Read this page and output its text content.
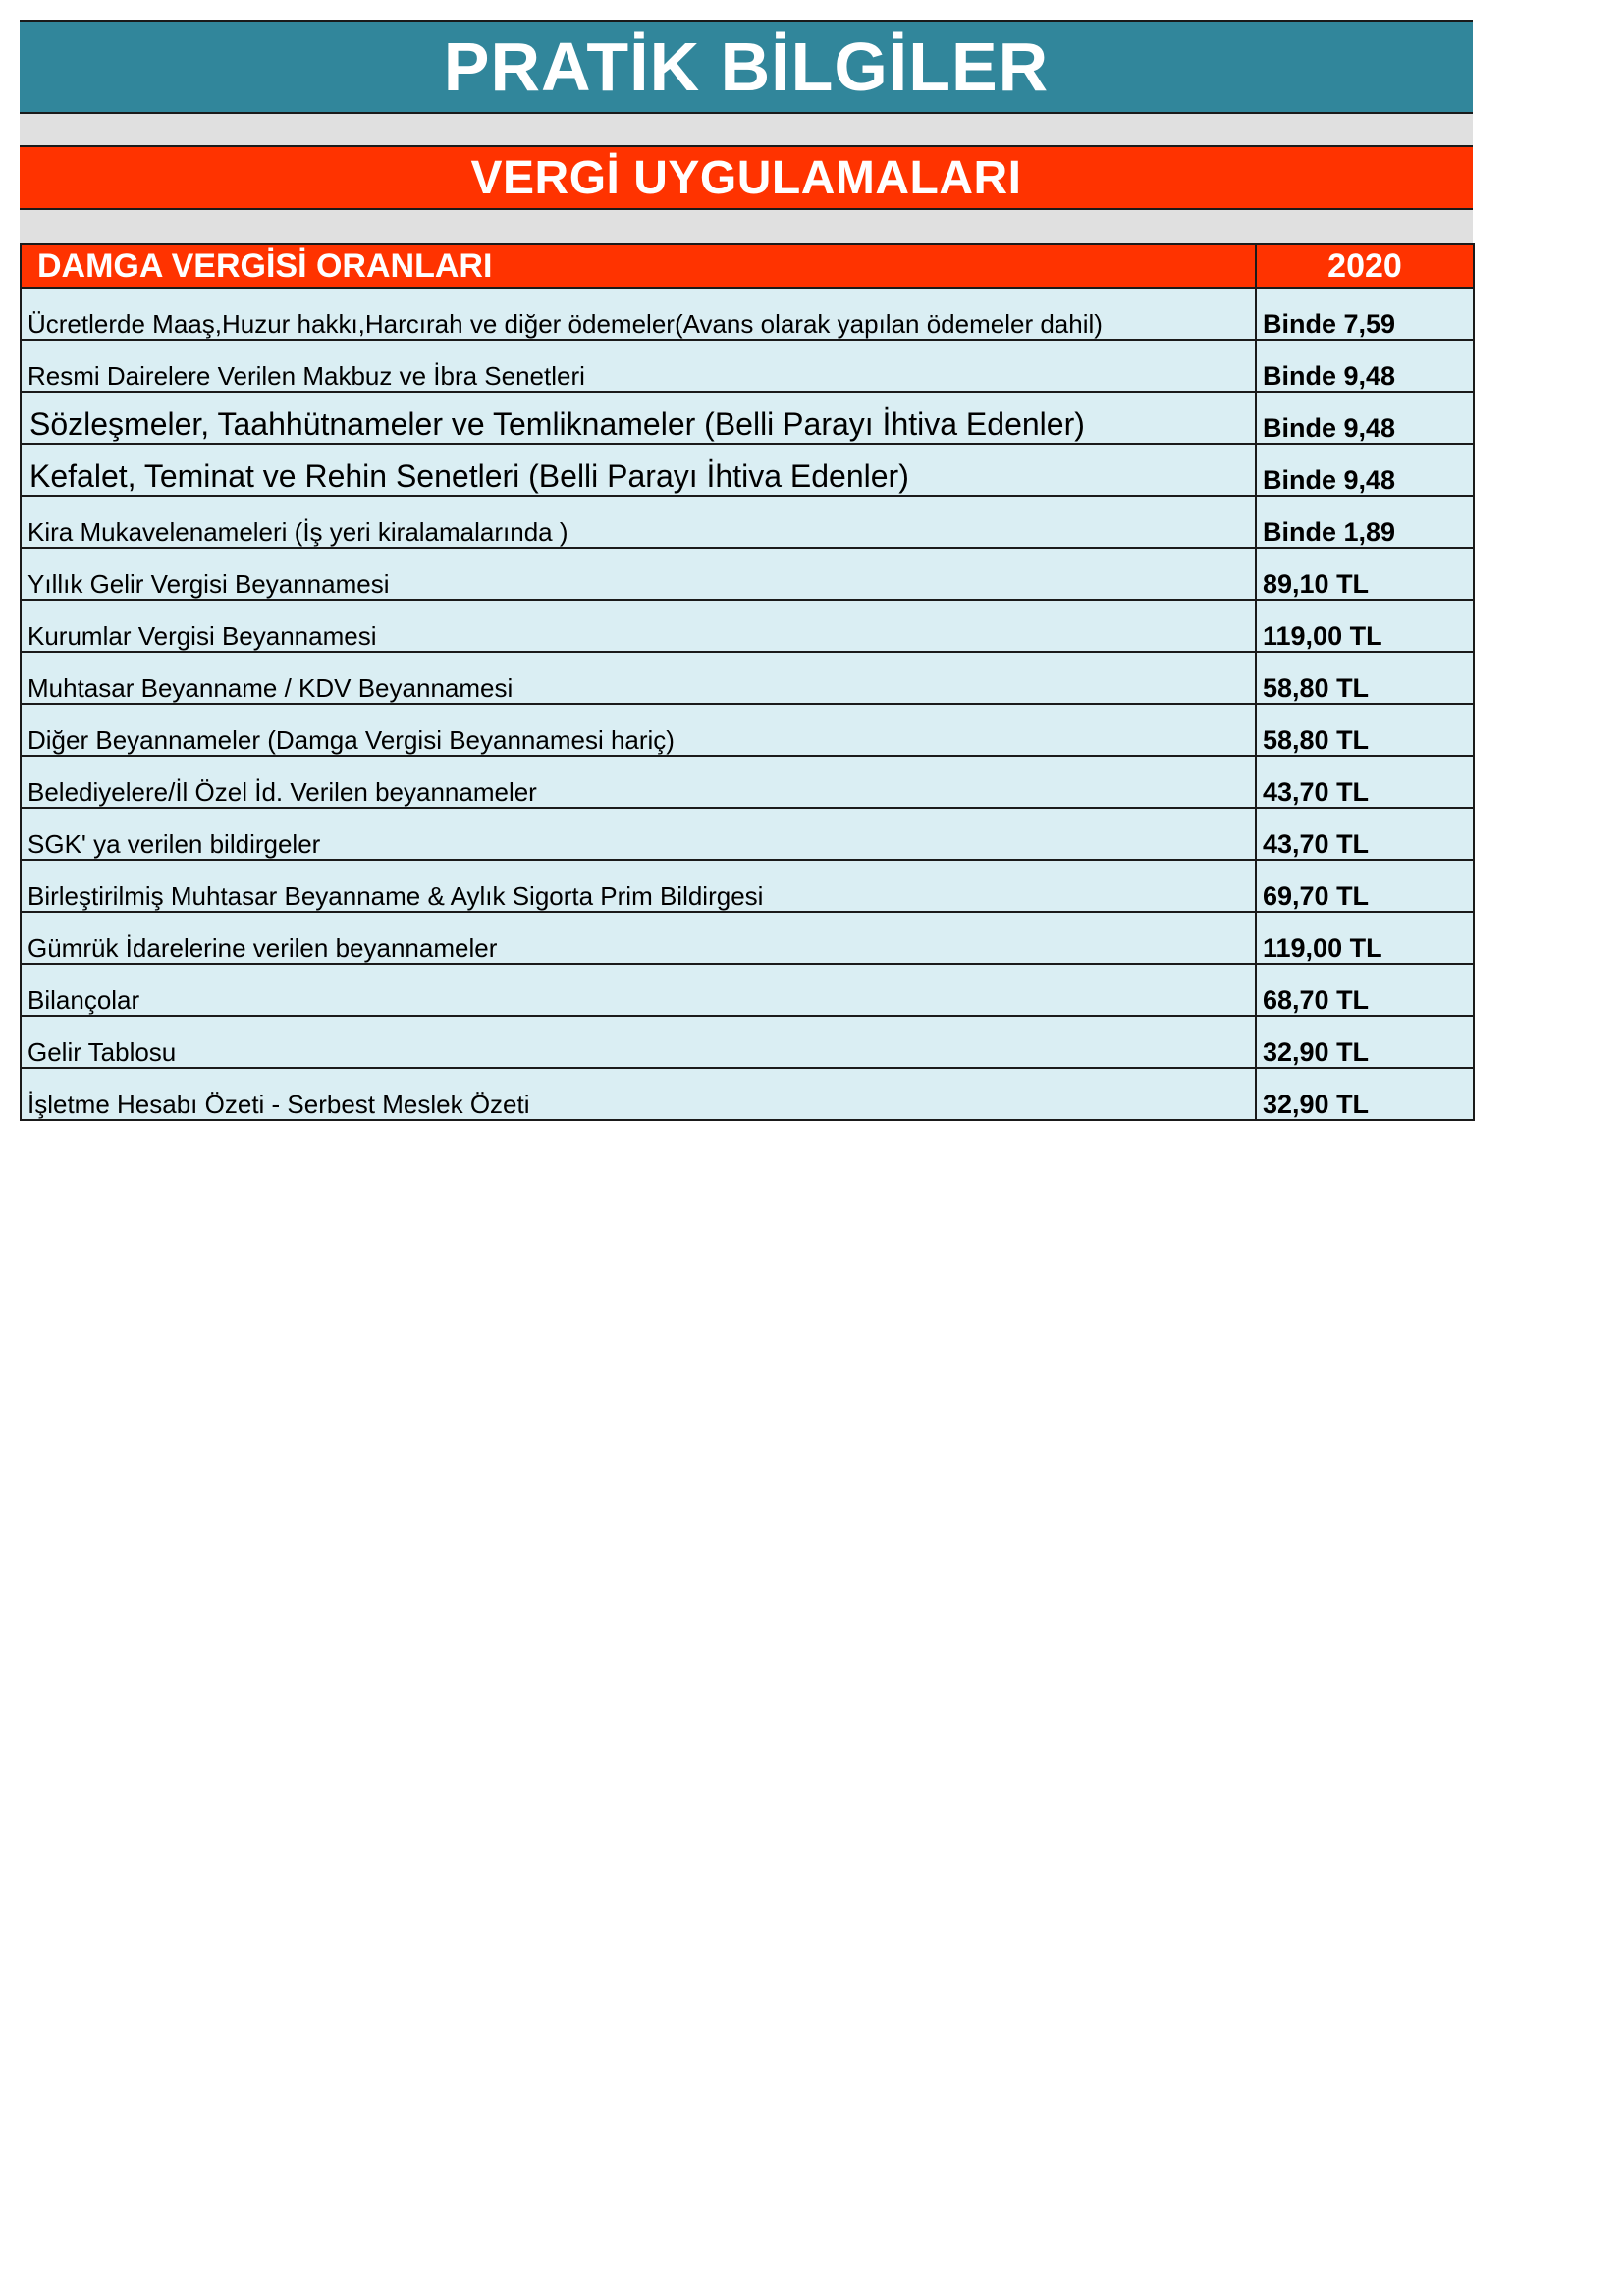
PRATİK BİLGİLER
VERGİ UYGULAMALARI
DAMGA VERGİSİ ORANLARI	2020
Ücretlerde Maaş,Huzur hakkı,Harcırah ve diğer ödemeler(Avans olarak yapılan ödemeler dahil)	Binde 7,59
Resmi Dairelere Verilen Makbuz ve İbra Senetleri	Binde 9,48
Sözleşmeler, Taahhütnameler ve Temliknameler (Belli Parayı İhtiva Edenler)	Binde 9,48
Kefalet, Teminat ve Rehin Senetleri (Belli Parayı İhtiva Edenler)	Binde 9,48
Kira Mukavelenameleri (İş yeri kiralamalarında )	Binde 1,89
Yıllık Gelir Vergisi Beyannamesi	89,10 TL
Kurumlar Vergisi Beyannamesi	119,00 TL
Muhtasar Beyanname / KDV Beyannamesi	58,80 TL
Diğer Beyannameler (Damga Vergisi Beyannamesi hariç)	58,80 TL
Belediyelere/İl Özel İd. Verilen beyannameler	43,70 TL
SGK' ya verilen bildirgeler	43,70 TL
Birleştirilmiş Muhtasar Beyanname & Aylık Sigorta Prim Bildirgesi	69,70 TL
Gümrük İdarelerine verilen beyannameler	119,00 TL
Bilançolar	68,70 TL
Gelir Tablosu	32,90 TL
İşletme Hesabı Özeti - Serbest Meslek Özeti	32,90 TL
